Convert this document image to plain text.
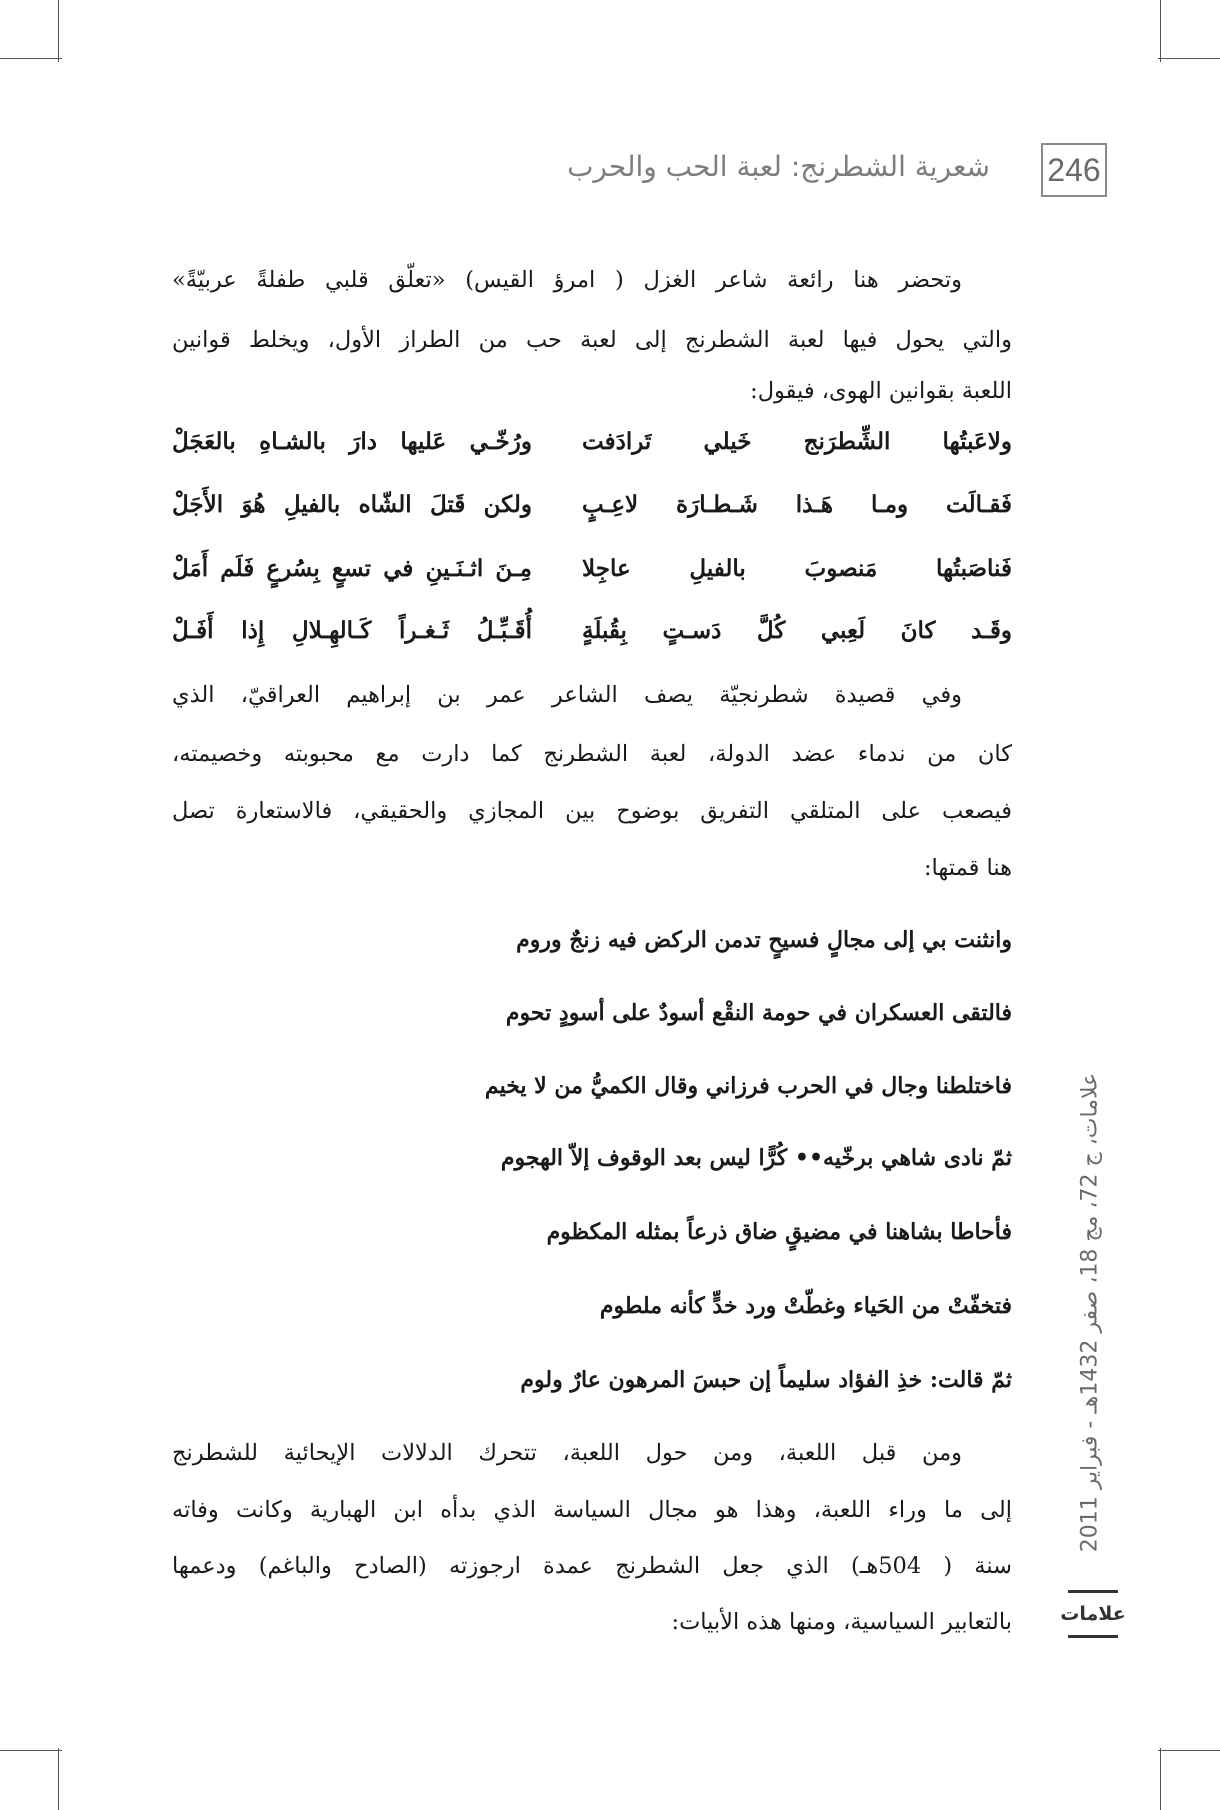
246
شعرية الشطرنج: لعبة الحب والحرب
وتحضر هنا رائعة شاعر الغزل ( امرؤ القيس) «تعلّق قلبي طفلةً عربيّةً»
والتي يحول فيها لعبة الشطرنج إلى لعبة حب من الطراز الأول، ويخلط قوانين
اللعبة بقوانين الهوى، فيقول:
ولاعَبتُها الشِّطرَنج خَيلي تَرادَفت
ورُخّـي عَليها دارَ بالشـاهِ بالعَجَلْ
فَقـالَت ومـا هَـذا شَـطـارَة لاعِـبٍ
ولكن قَتلَ الشّاه بالفيلِ هُوَ الأَجَلْ
فَناصَبتُها مَنصوبَ بالفيلِ عاجِلا
مِـنَ اثـنَـينِ في تسعٍ بِسُرعٍ فَلَم أَمَلْ
وقَـد كانَ لَعِبي كُلَّ دَسـتٍ بِقُبلَةٍ
أُقَـبِّـلُ ثَـغـراً كَـالهِـلالِ إِذا أَفَـلْ
وفي قصيدة شطرنجيّة يصف الشاعر عمر بن إبراهيم العراقيّ، الذي
كان من ندماء عضد الدولة، لعبة الشطرنج كما دارت مع محبوبته وخصيمته،
فيصعب على المتلقي التفريق بوضوح بين المجازي والحقيقي، فالاستعارة تصل
هنا قمتها:
وانثنت بي إلى مجالٍ فسيحٍ تدمن الركض فيه زنجٌ وروم
فالتقى العسكران في حومة النقْع أسودٌ على أسودٍ تحوم
فاختلطنا وجال في الحرب فرزاني وقال الكميُّ من لا يخيم
ثمّ نادى شاهي برخّيه•• كُرًّا ليس بعد الوقوف إلاّ الهجوم
فأحاطا بشاهنا في مضيقٍ ضاق ذرعاً بمثله المكظوم
فتخفّتْ من الحَياء وغطّتْ ورد خدٍّ كأنه ملطوم
ثمّ قالت: خذِ الفؤاد سليماً إن حبسَ المرهون عارٌ ولوم
ومن قبل اللعبة، ومن حول اللعبة، تتحرك الدلالات الإيحائية للشطرنج
إلى ما وراء اللعبة، وهذا هو مجال السياسة الذي بدأه ابن الهبارية وكانت وفاته
سنة ( 504هـ) الذي جعل الشطرنج عمدة ارجوزته (الصادح والباغم) ودعمها
بالتعابير السياسية، ومنها هذه الأبيات:
علامات، ج 72، مج 18، صفر 1432هـ - فبراير 2011
علامات
